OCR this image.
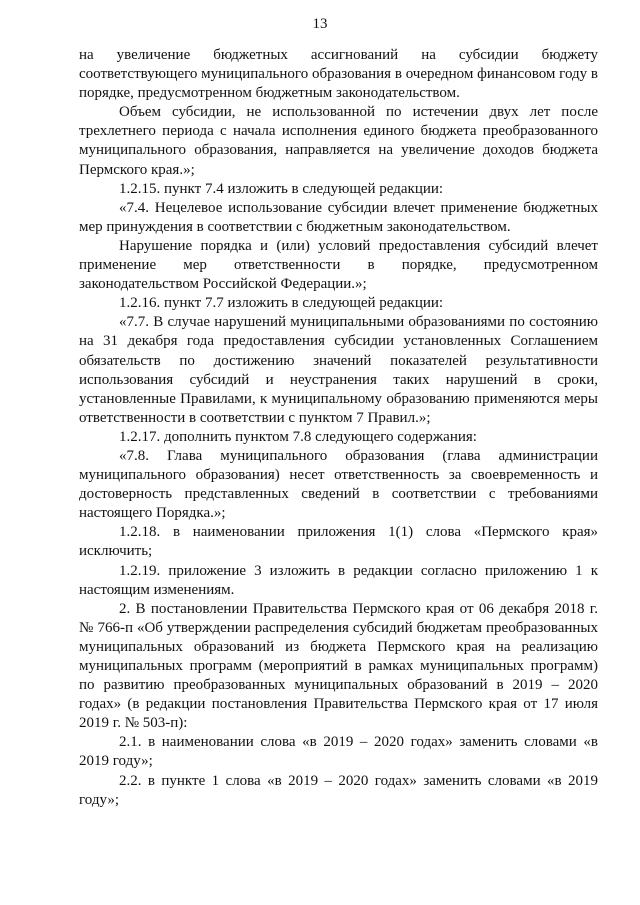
13

на увеличение бюджетных ассигнований на субсидии бюджету соответствующего муниципального образования в очередном финансовом году в порядке, предусмотренном бюджетным законодательством.

Объем субсидии, не использованной по истечении двух лет после трехлетнего периода с начала исполнения единого бюджета преобразованного муниципального образования, направляется на увеличение доходов бюджета Пермского края.»;

1.2.15. пункт 7.4 изложить в следующей редакции:

«7.4. Нецелевое использование субсидии влечет применение бюджетных мер принуждения в соответствии с бюджетным законодательством.

Нарушение порядка и (или) условий предоставления субсидий влечет применение мер ответственности в порядке, предусмотренном законодательством Российской Федерации.»;

1.2.16. пункт 7.7 изложить в следующей редакции:

«7.7. В случае нарушений муниципальными образованиями по состоянию на 31 декабря года предоставления субсидии установленных Соглашением обязательств по достижению значений показателей результативности использования субсидий и неустранения таких нарушений в сроки, установленные Правилами, к муниципальному образованию применяются меры ответственности в соответствии с пунктом 7 Правил.»;

1.2.17. дополнить пунктом 7.8 следующего содержания:

«7.8. Глава муниципального образования (глава администрации муниципального образования) несет ответственность за своевременность и достоверность представленных сведений в соответствии с требованиями настоящего Порядка.»;

1.2.18. в наименовании приложения 1(1) слова «Пермского края» исключить;

1.2.19. приложение 3 изложить в редакции согласно приложению 1 к настоящим изменениям.

2. В постановлении Правительства Пермского края от 06 декабря 2018 г. № 766-п «Об утверждении распределения субсидий бюджетам преобразованных муниципальных образований из бюджета Пермского края на реализацию муниципальных программ (мероприятий в рамках муниципальных программ) по развитию преобразованных муниципальных образований в 2019 – 2020 годах» (в редакции постановления Правительства Пермского края от 17 июля 2019 г. № 503-п):

2.1. в наименовании слова «в 2019 – 2020 годах» заменить словами «в 2019 году»;

2.2. в пункте 1 слова «в 2019 – 2020 годах» заменить словами «в 2019 году»;
